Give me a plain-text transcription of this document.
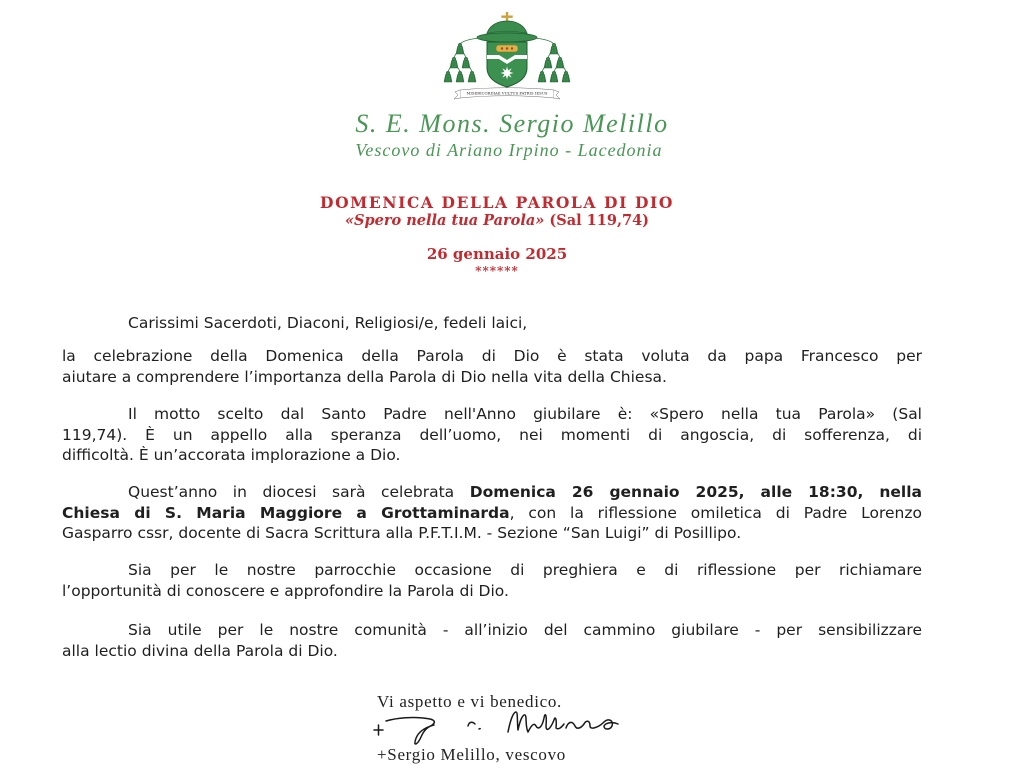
MISERICORDIAE VULTUS PATRIS IESUS
S. E. Mons. Sergio Melillo
Vescovo di Ariano Irpino - Lacedonia
DOMENICA DELLA PAROLA DI DIO
«Spero nella tua Parola» (Sal 119,74)
26 gennaio 2025
******
Carissimi Sacerdoti, Diaconi, Religiosi/e, fedeli laici,
la celebrazione della Domenica della Parola di Dio è stata voluta da papa Francesco per
aiutare a comprendere l’importanza della Parola di Dio nella vita della Chiesa.
Il motto scelto dal Santo Padre nell'Anno giubilare è: «Spero nella tua Parola» (Sal
119,74). È un appello alla speranza dell’uomo, nei momenti di angoscia, di sofferenza, di
difficoltà. È un’accorata implorazione a Dio.
Quest’anno in diocesi sarà celebrata Domenica 26 gennaio 2025, alle 18:30, nella
Chiesa di S. Maria Maggiore a Grottaminarda, con la riflessione omiletica di Padre Lorenzo
Gasparro cssr, docente di Sacra Scrittura alla P.F.T.I.M. - Sezione “San Luigi” di Posillipo.
Sia per le nostre parrocchie occasione di preghiera e di riflessione per richiamare
l’opportunità di conoscere e approfondire la Parola di Dio.
Sia utile per le nostre comunità - all’inizio del cammino giubilare - per sensibilizzare
alla lectio divina della Parola di Dio.
Vi aspetto e vi benedico.
+Sergio Melillo, vescovo
